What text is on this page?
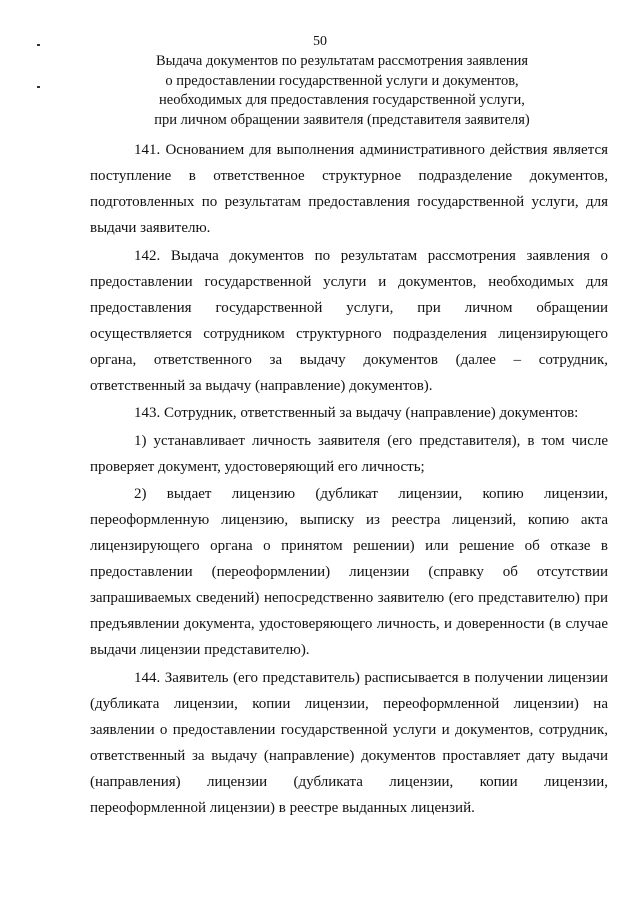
50
Выдача документов по результатам рассмотрения заявления
о предоставлении государственной услуги и документов,
необходимых для предоставления государственной услуги,
при личном обращении заявителя (представителя заявителя)

141. Основанием для выполнения административного действия является поступление в ответственное структурное подразделение документов, подготовленных по результатам предоставления государственной услуги, для выдачи заявителю.

142. Выдача документов по результатам рассмотрения заявления о предоставлении государственной услуги и документов, необходимых для предоставления государственной услуги, при личном обращении осуществляется сотрудником структурного подразделения лицензирующего органа, ответственного за выдачу документов (далее – сотрудник, ответственный за выдачу (направление) документов).

143. Сотрудник, ответственный за выдачу (направление) документов:

1) устанавливает личность заявителя (его представителя), в том числе проверяет документ, удостоверяющий его личность;

2) выдает лицензию (дубликат лицензии, копию лицензии, переоформленную лицензию, выписку из реестра лицензий, копию акта лицензирующего органа о принятом решении) или решение об отказе в предоставлении (переоформлении) лицензии (справку об отсутствии запрашиваемых сведений) непосредственно заявителю (его представителю) при предъявлении документа, удостоверяющего личность, и доверенности (в случае выдачи лицензии представителю).

144. Заявитель (его представитель) расписывается в получении лицензии (дубликата лицензии, копии лицензии, переоформленной лицензии) на заявлении о предоставлении государственной услуги и документов, сотрудник, ответственный за выдачу (направление) документов проставляет дату выдачи (направления) лицензии (дубликата лицензии, копии лицензии, переоформленной лицензии) в реестре выданных лицензий.
